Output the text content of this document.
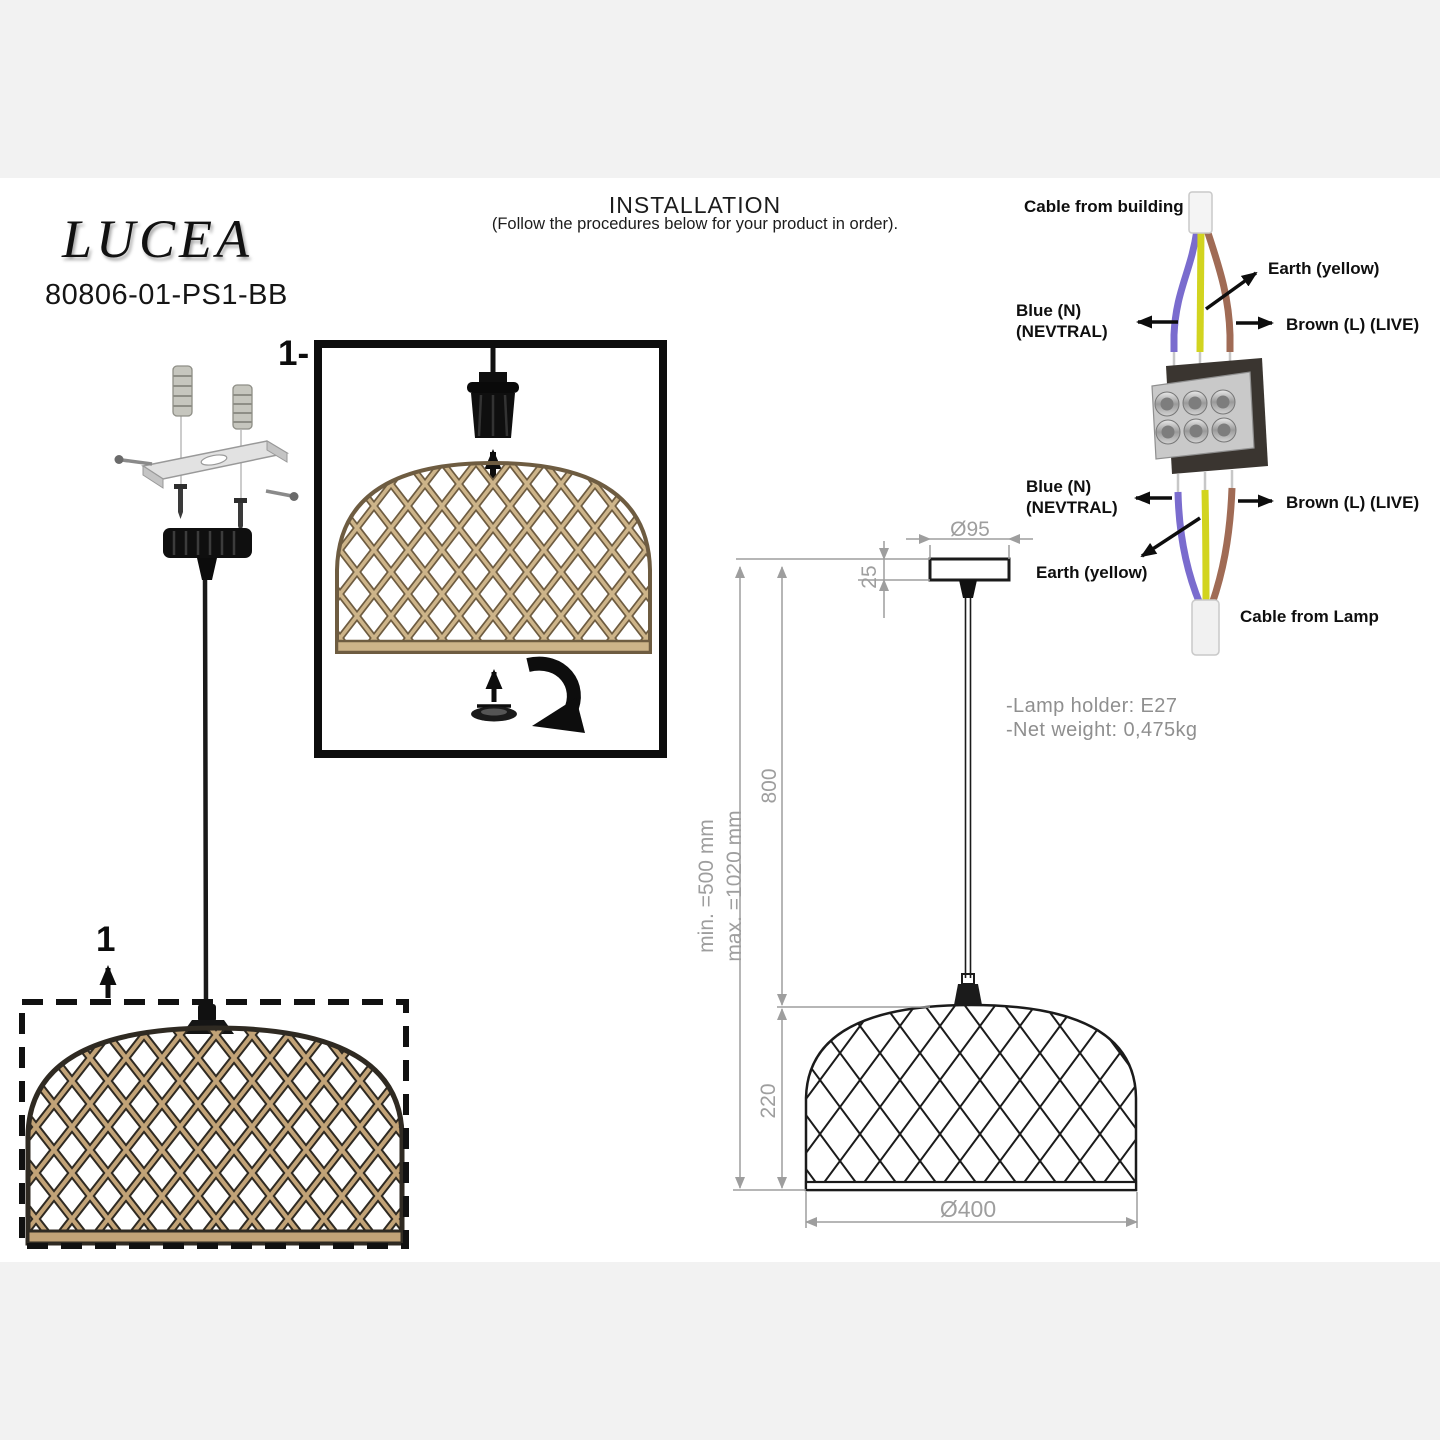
INSTALLATION
(Follow the procedures below for your product in order).
LUCEA
80806-01-PS1-BB
1-
1
-Lamp holder: E27
-Net weight: 0,475kg
Ø95
25
800
220
min. =500 mm max. =1020 mm
Ø400
Cable from building
Earth (yellow)
Blue (N)
(NEVTRAL)	Brown (L) (LIVE)
Blue (N)
(NEVTRAL)	Brown (L) (LIVE)
Earth (yellow)
Cable from Lamp
